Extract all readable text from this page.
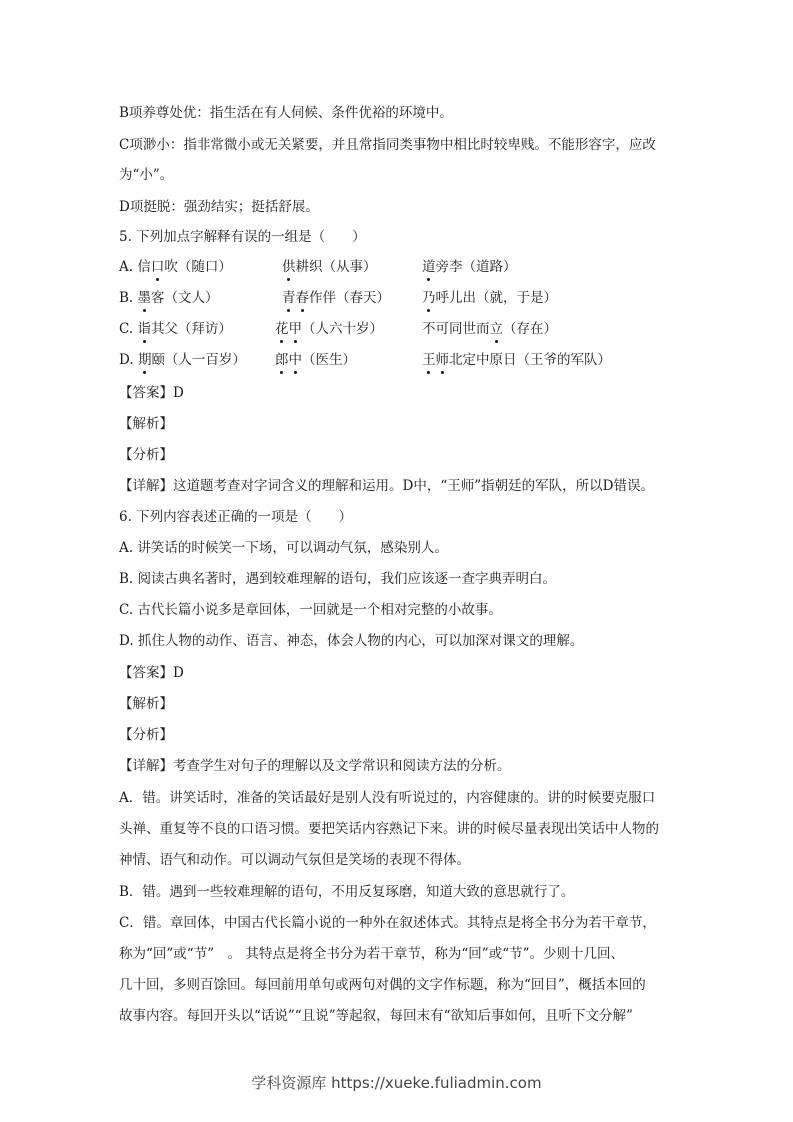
B项养尊处优：指生活在有人伺候、条件优裕的环境中。
C项渺小：指非常微小或无关紧要，并且常指同类事物中相比时较卑贱。不能形容字，应改
为“小”。
D项挺脱：强劲结实；挺括舒展。
5. 下列加点字解释有误的一组是（　　）
A. 信口吹（随口）	供耕织（从事）	道旁李（道路）
B. 墨客（文人）	青春作伴（春天） 乃呼儿出（就，于是）
C. 诣其父（拜访）	花甲（人六十岁）	不可同世而立（存在）
D. 期颐（人一百岁） 郎中（医生）	王师北定中原日（王爷的军队）
【答案】D
【解析】
【分析】
【详解】这道题考查对字词含义的理解和运用。D中，“王师”指朝廷的军队，所以D错误。
6. 下列内容表述正确的一项是（　　）
A. 讲笑话的时候笑一下场，可以调动气氛，感染别人。
B. 阅读古典名著时，遇到较难理解的语句，我们应该逐一查字典弄明白。
C. 古代长篇小说多是章回体，一回就是一个相对完整的小故事。
D. 抓住人物的动作、语言、神态，体会人物的内心，可以加深对课文的理解。
【答案】D
【解析】
【分析】
【详解】考查学生对句子的理解以及文学常识和阅读方法的分析。
A．错。讲笑话时，准备的笑话最好是别人没有听说过的，内容健康的。讲的时候要克服口
头禅、重复等不良的口语习惯。要把笑话内容熟记下来。讲的时候尽量表现出笑话中人物的
神情、语气和动作。可以调动气氛但是笑场的表现不得体。
B．错。遇到一些较难理解的语句，不用反复琢磨，知道大致的意思就行了。
C．错。章回体，中国古代长篇小说的一种外在叙述体式。其特点是将全书分为若干章节，
称为“回”或“节”　。 其特点是将全书分为若干章节，称为“回”或“节”。少则十几回、
几十回，多则百馀回。每回前用单句或两句对偶的文字作标题，称为“回目”，概括本回的
故事内容。每回开头以“话说”“且说”等起叙，每回末有“欲知后事如何，且听下文分解”
学科资源库 https://xueke.fuliadmin.com
